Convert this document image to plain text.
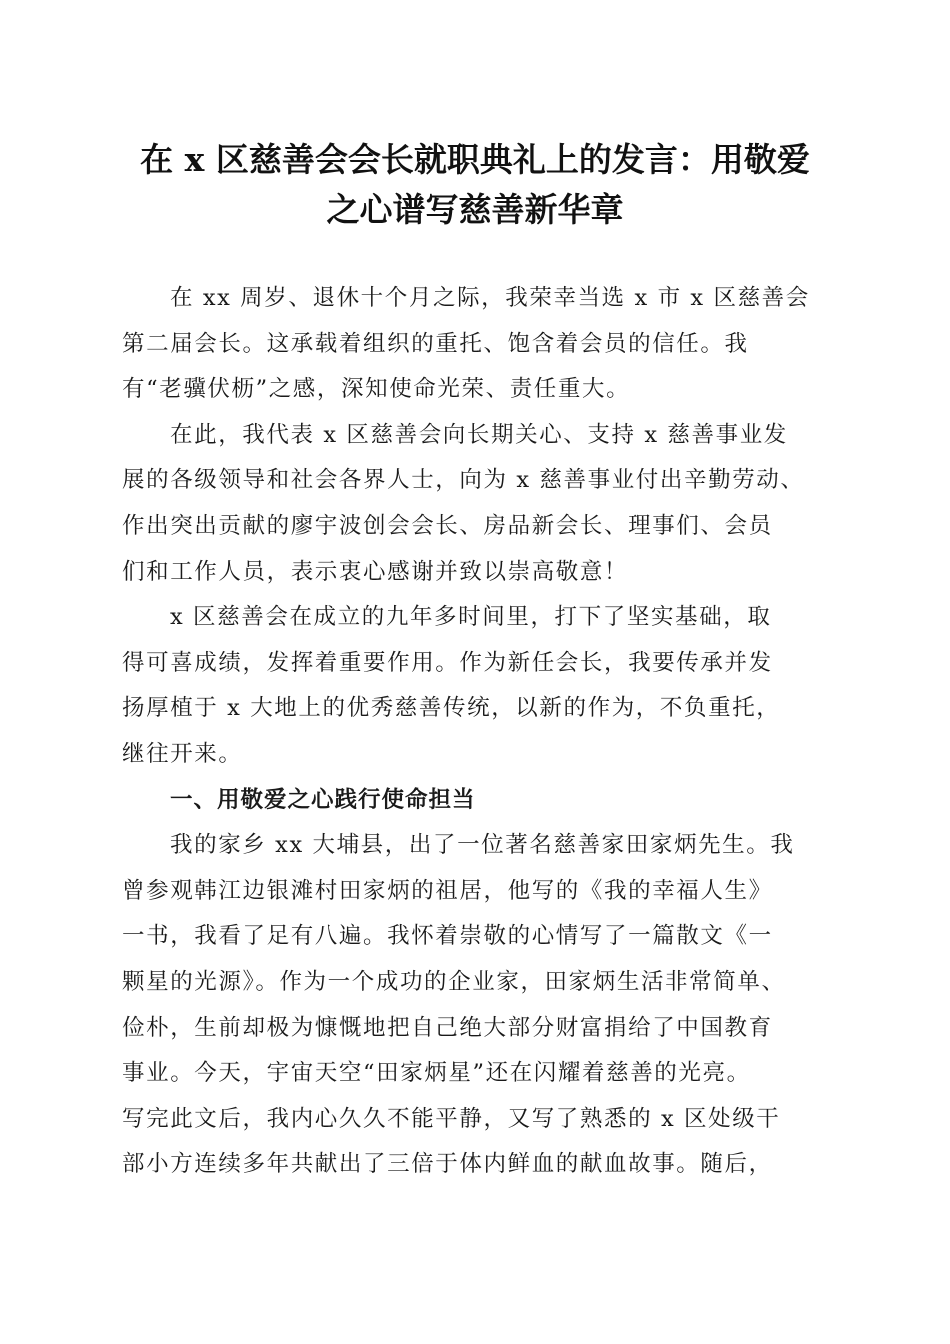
在 x 区慈善会会长就职典礼上的发言：用敬爱
之心谱写慈善新华章
在 xx 周岁、退休十个月之际，我荣幸当选 x 市 x 区慈善会
第二届会长。这承载着组织的重托、饱含着会员的信任。我
有“老骥伏枥”之感，深知使命光荣、责任重大。
在此，我代表 x 区慈善会向长期关心、支持 x 慈善事业发
展的各级领导和社会各界人士，向为 x 慈善事业付出辛勤劳动、
作出突出贡献的廖宇波创会会长、房品新会长、理事们、会员
们和工作人员，表示衷心感谢并致以崇高敬意！
x 区慈善会在成立的九年多时间里，打下了坚实基础，取
得可喜成绩，发挥着重要作用。作为新任会长，我要传承并发
扬厚植于 x 大地上的优秀慈善传统，以新的作为，不负重托，
继往开来。
一、用敬爱之心践行使命担当
我的家乡 xx 大埔县，出了一位著名慈善家田家炳先生。我
曾参观韩江边银滩村田家炳的祖居，他写的《我的幸福人生》
一书，我看了足有八遍。我怀着崇敬的心情写了一篇散文《一
颗星的光源》。作为一个成功的企业家，田家炳生活非常简单、
俭朴，生前却极为慷慨地把自己绝大部分财富捐给了中国教育
事业。今天，宇宙天空“田家炳星”还在闪耀着慈善的光亮。
写完此文后，我内心久久不能平静，又写了熟悉的 x 区处级干
部小方连续多年共献出了三倍于体内鲜血的献血故事。随后，
